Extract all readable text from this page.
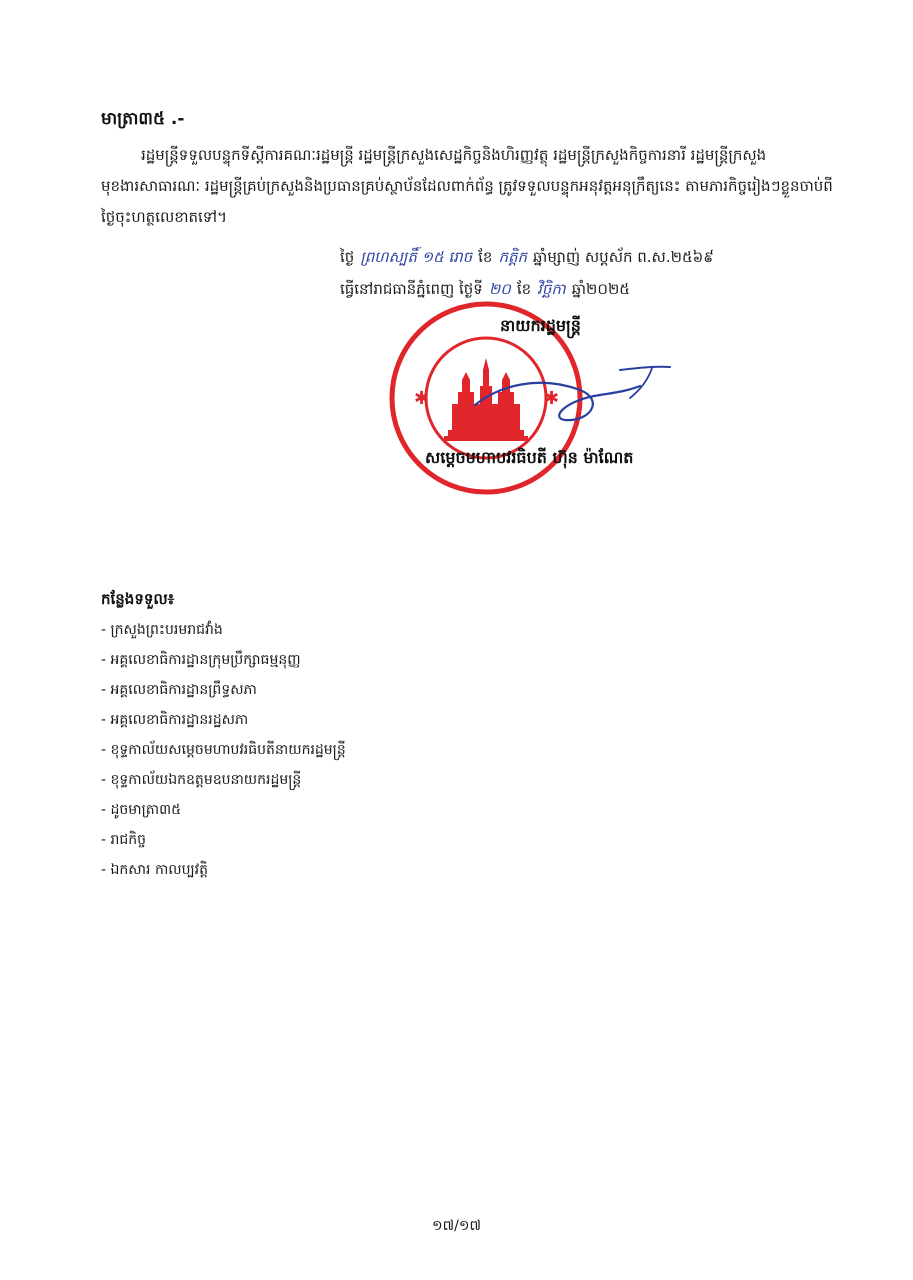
មាត្រា៣៥ .-
រដ្ឋមន្ត្រីទទួលបន្ទុកទីស្តីការគណៈរដ្ឋមន្ត្រី រដ្ឋមន្ត្រីក្រសួងសេដ្ឋកិច្ចនិងហិរញ្ញវត្ថុ រដ្ឋមន្ត្រីក្រសួងកិច្ចការនារី រដ្ឋមន្ត្រីក្រសួងមុខងារសាធារណៈ រដ្ឋមន្ត្រីគ្រប់ក្រសួងនិងប្រធានគ្រប់ស្ថាប័នដែលពាក់ព័ន្ធ ត្រូវទទួលបន្ទុកអនុវត្តអនុក្រឹត្យនេះ តាមភារកិច្ចរៀងៗខ្លួនចាប់ពីថ្ងៃចុះហត្ថលេខាតទៅ។
ថ្ងៃ ព្រហស្បតិ៍ ១៥ រោច ខែ កត្តិក ឆ្នាំម្សាញ់ សប្តស័ក ព.ស.២៥៦៩
ធ្វើនៅរាជធានីភ្នំពេញ ថ្ងៃទី ២០ ខែ វិច្ឆិកា ឆ្នាំ២០២៥
✱	✱
នាយករដ្ឋមន្ត្រី
សម្តេចមហាបវរធិបតី ហ៊ុន ម៉ាណែត
កន្លែងទទួល៖
- ក្រសួងព្រះបរមរាជវាំង
- អគ្គលេខាធិការដ្ឋានក្រុមប្រឹក្សាធម្មនុញ្ញ
- អគ្គលេខាធិការដ្ឋានព្រឹទ្ធសភា
- អគ្គលេខាធិការដ្ឋានរដ្ឋសភា
- ខុទ្ទកាល័យសម្តេចមហាបវរធិបតីនាយករដ្ឋមន្ត្រី
- ខុទ្ទកាល័យឯកឧត្តមឧបនាយករដ្ឋមន្ត្រី
- ដូចមាត្រា៣៥
- រាជកិច្ច
- ឯកសារ កាលប្បវត្តិ
១៧/១៧
